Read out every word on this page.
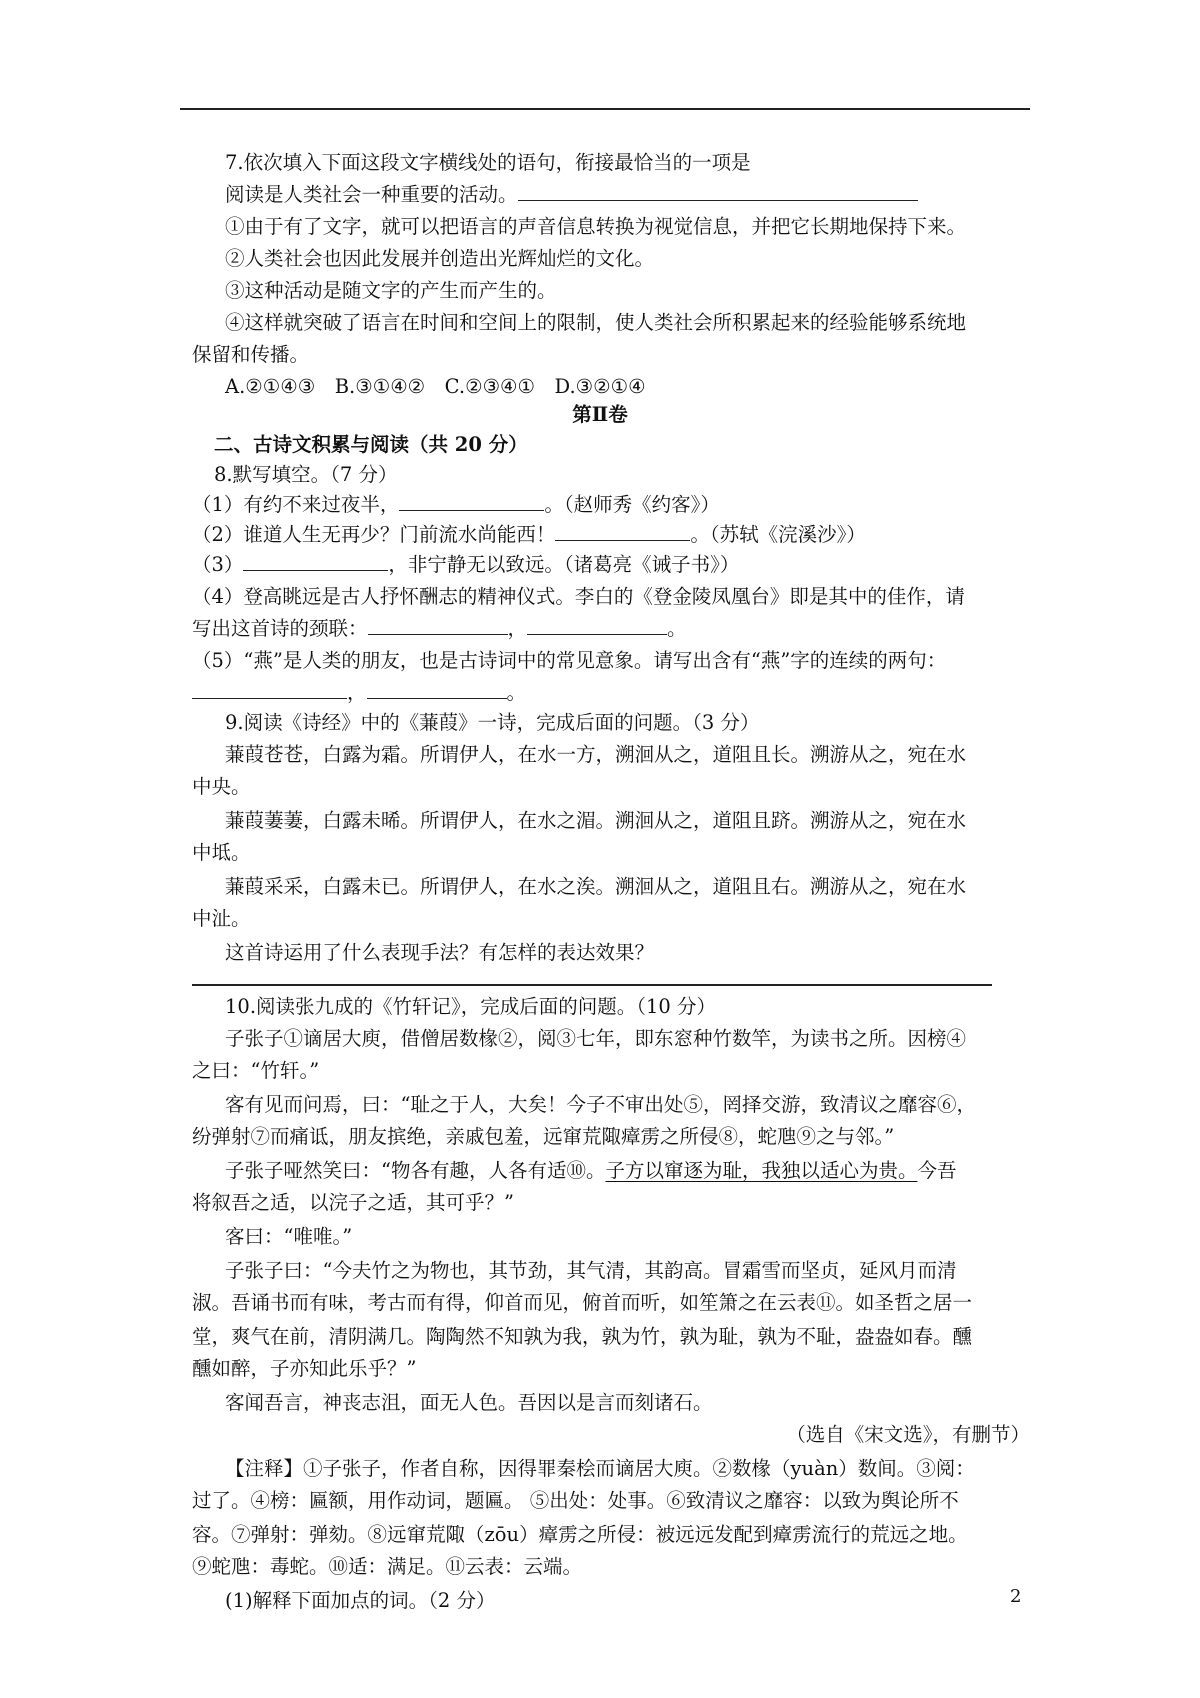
7.依次填入下面这段文字横线处的语句，衔接最恰当的一项是
阅读是人类社会一种重要的活动。
①由于有了文字，就可以把语言的声音信息转换为视觉信息，并把它长期地保持下来。
②人类社会也因此发展并创造出光辉灿烂的文化。
③这种活动是随文字的产生而产生的。
④这样就突破了语言在时间和空间上的限制，使人类社会所积累起来的经验能够系统地
保留和传播。
A.②①④③　B.③①④②　C.②③④①　D.③②①④
第Ⅱ卷
二、古诗文积累与阅读（共 20 分）
8.默写填空。（7 分）
（1）有约不来过夜半，	。（赵师秀《约客》）
（2）谁道人生无再少？门前流水尚能西！	。（苏轼《浣溪沙》）
（3）	，非宁静无以致远。（诸葛亮《诫子书》）
（4）登高眺远是古人抒怀酬志的精神仪式。李白的《登金陵凤凰台》即是其中的佳作，请
写出这首诗的颈联：	，	。
（5）“燕”是人类的朋友，也是古诗词中的常见意象。请写出含有“燕”字的连续的两句：
，	。
9.阅读《诗经》中的《蒹葭》一诗，完成后面的问题。（3 分）
蒹葭苍苍，白露为霜。所谓伊人，在水一方，溯洄从之，道阻且长。溯游从之，宛在水
中央。
蒹葭萋萋，白露未晞。所谓伊人，在水之湄。溯洄从之，道阻且跻。溯游从之，宛在水
中坻。
蒹葭采采，白露未已。所谓伊人，在水之涘。溯洄从之，道阻且右。溯游从之，宛在水
中沚。
这首诗运用了什么表现手法？有怎样的表达效果？
10.阅读张九成的《竹轩记》，完成后面的问题。（10 分）
子张子①谪居大庾，借僧居数椽②，阅③七年，即东窓种竹数竿，为读书之所。因榜④
之曰：“竹轩。”
客有见而问焉，曰：“耻之于人，大矣！今子不审出处⑤，罔择交游，致清议之靡容⑥，
纷弹射⑦而痛诋，朋友摈绝，亲戚包羞，远窜荒陬瘴雳之所侵⑧，蛇虺⑨之与邻。”
子张子哑然笑曰：“物各有趣，人各有适⑩。子方以窜逐为耻，我独以适心为贵。今吾
将叙吾之适，以浣子之适，其可乎？”
客曰：“唯唯。”
子张子曰：“今夫竹之为物也，其节劲，其气清，其韵高。冒霜雪而坚贞，延风月而清
淑。吾诵书而有味，考古而有得，仰首而见，俯首而听，如笙箫之在云表⑪。如圣哲之居一
堂，爽气在前，清阴满几。陶陶然不知孰为我，孰为竹，孰为耻，孰为不耻，盎盎如春。醺
醺如醉，子亦知此乐乎？”
客闻吾言，神丧志沮，面无人色。吾因以是言而刻诸石。
（选自《宋文选》，有删节）
【注释】①子张子，作者自称，因得罪秦桧而谪居大庾。②数椽（yuàn）数间。③阅：
过了。④榜：匾额，用作动词，题匾。 ⑤出处：处事。⑥致清议之靡容：以致为舆论所不
容。⑦弹射：弹劾。⑧远窜荒陬（zōu）瘴雳之所侵：被远远发配到瘴雳流行的荒远之地。
⑨蛇虺：毒蛇。⑩适：满足。⑪云表：云端。
(1)解释下面加点的词。（2 分）	2
